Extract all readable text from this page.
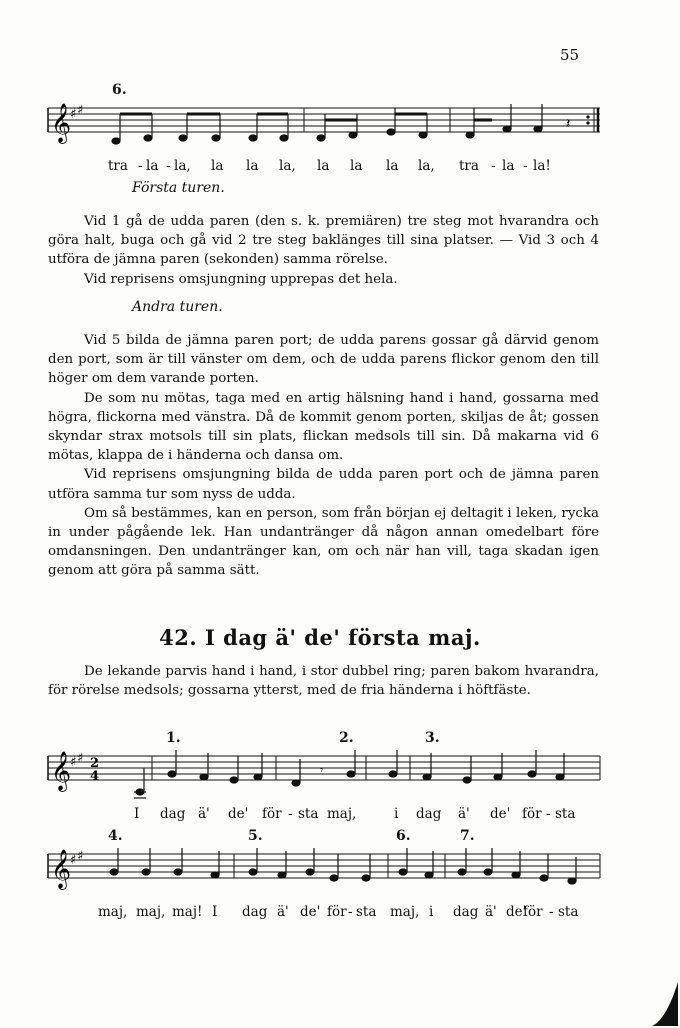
55
6.
𝄞
♯ ♯
𝄽
tra - la - la, la la la, la la la la, tra - la - la!
Första turen.

Vid 1 gå de udda paren (den s. k. premiären) tre steg mot hvarandra och göra halt, buga och gå vid 2 tre steg baklänges till sina platser. — Vid 3 och 4 utföra de jämna paren (sekonden) samma rörelse.

Vid reprisens omsjungning upprepas det hela.

Andra turen.

Vid 5 bilda de jämna paren port; de udda parens gossar gå därvid genom den port, som är till vänster om dem, och de udda parens flickor genom den till höger om dem varande porten.

De som nu mötas, taga med en artig hälsning hand i hand, gossarna med högra, flickorna med vänstra. Då de kommit genom porten, skiljas de åt; gossen skyndar strax motsols till sin plats, flickan medsols till sin. Då makarna vid 6 mötas, klappa de i händerna och dansa om.

Vid reprisens omsjungning bilda de udda paren port och de jämna paren utföra samma tur som nyss de udda.

Om så bestämmes, kan en person, som från början ej deltagit i leken, rycka in under pågående lek. Han undantränger då någon annan omedelbart före omdansningen. Den undantränger kan, om och när han vill, taga skadan igen genom att göra på samma sätt.

42. I dag ä' de' första maj.

De lekande parvis hand i hand, i stor dubbel ring; paren bakom hvarandra, för rörelse medsols; gossarna ytterst, med de fria händerna i höftfäste.

1.	2.	3.
𝄞
♯ ♯ 2
4	𝄾
I dag ä' de' för - sta maj,	i dag ä' de' för - sta
4.	5.	6.	7.
𝄞
♯ ♯
maj, maj, maj! I dag ä' de' för - sta maj, i dag ä' de'
för - sta
